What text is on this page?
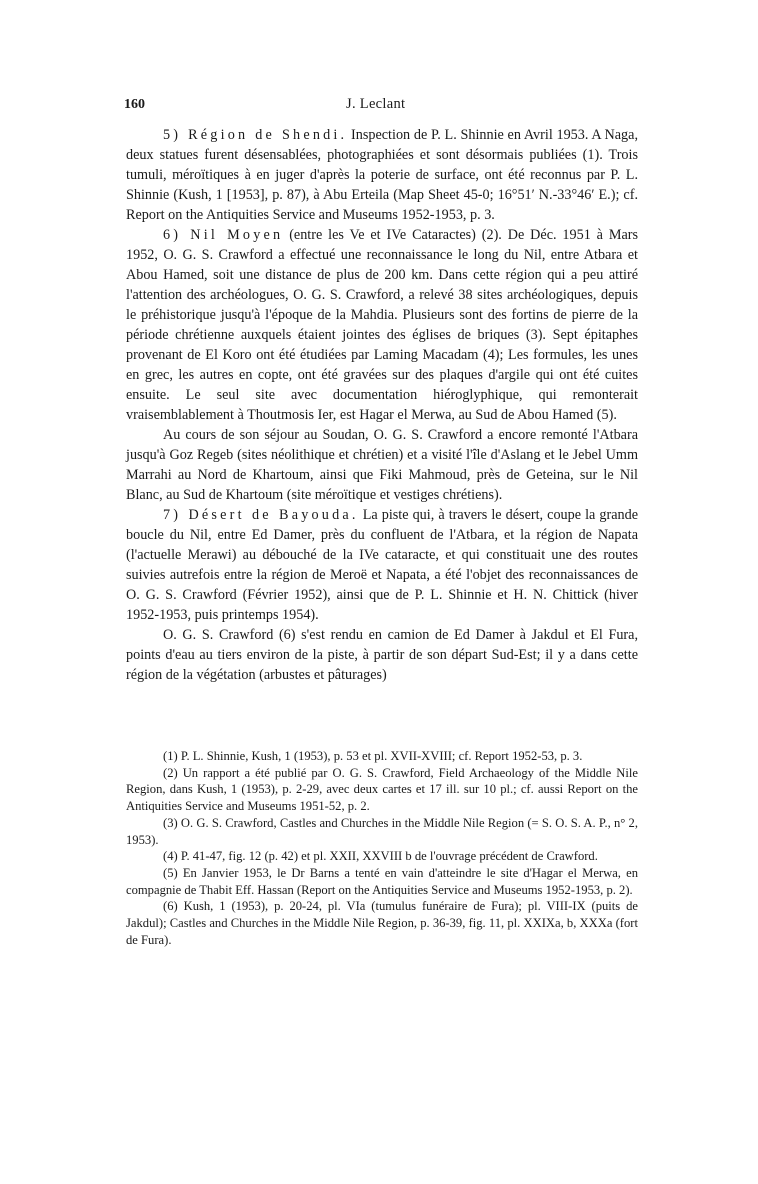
160	J. Leclant

5) Région de Shendi. Inspection de P. L. Shinnie en Avril 1953. A Naga, deux statues furent désensablées, photographiées et sont désormais publiées (1). Trois tumuli, méroïtiques à en juger d'après la poterie de surface, ont été reconnus par P. L. Shinnie (Kush, 1 [1953], p. 87), à Abu Erteila (Map Sheet 45-0; 16°51′ N.-33°46′ E.); cf. Report on the Antiquities Service and Museums 1952-1953, p. 3.

6) Nil Moyen (entre les Ve et IVe Cataractes) (2). De Déc. 1951 à Mars 1952, O. G. S. Crawford a effectué une reconnaissance le long du Nil, entre Atbara et Abou Hamed, soit une distance de plus de 200 km. Dans cette région qui a peu attiré l'attention des archéologues, O. G. S. Crawford, a relevé 38 sites archéologiques, depuis le préhistorique jusqu'à l'époque de la Mahdia. Plusieurs sont des fortins de pierre de la période chrétienne auxquels étaient jointes des églises de briques (3). Sept épitaphes provenant de El Koro ont été étudiées par Laming Macadam (4); Les formules, les unes en grec, les autres en copte, ont été gravées sur des plaques d'argile qui ont été cuites ensuite. Le seul site avec documentation hiéroglyphique, qui remonterait vraisemblablement à Thoutmosis Ier, est Hagar el Merwa, au Sud de Abou Hamed (5).

Au cours de son séjour au Soudan, O. G. S. Crawford a encore remonté l'Atbara jusqu'à Goz Regeb (sites néolithique et chrétien) et a visité l'île d'Aslang et le Jebel Umm Marrahi au Nord de Khartoum, ainsi que Fiki Mahmoud, près de Geteina, sur le Nil Blanc, au Sud de Khartoum (site méroïtique et vestiges chrétiens).

7) Désert de Bayouda. La piste qui, à travers le désert, coupe la grande boucle du Nil, entre Ed Damer, près du confluent de l'Atbara, et la région de Napata (l'actuelle Merawi) au débouché de la IVe cataracte, et qui constituait une des routes suivies autrefois entre la région de Meroë et Napata, a été l'objet des reconnaissances de O. G. S. Crawford (Février 1952), ainsi que de P. L. Shinnie et H. N. Chittick (hiver 1952-1953, puis printemps 1954).

O. G. S. Crawford (6) s'est rendu en camion de Ed Damer à Jakdul et El Fura, points d'eau au tiers environ de la piste, à partir de son départ Sud-Est; il y a dans cette région de la végétation (arbustes et pâturages)

(1) P. L. Shinnie, Kush, 1 (1953), p. 53 et pl. XVII-XVIII; cf. Report 1952-53, p. 3.

(2) Un rapport a été publié par O. G. S. Crawford, Field Archaeology of the Middle Nile Region, dans Kush, 1 (1953), p. 2-29, avec deux cartes et 17 ill. sur 10 pl.; cf. aussi Report on the Antiquities Service and Museums 1951-52, p. 2.

(3) O. G. S. Crawford, Castles and Churches in the Middle Nile Region (= S. O. S. A. P., n° 2, 1953).

(4) P. 41-47, fig. 12 (p. 42) et pl. XXII, XXVIII b de l'ouvrage précédent de Crawford.

(5) En Janvier 1953, le Dr Barns a tenté en vain d'atteindre le site d'Hagar el Merwa, en compagnie de Thabit Eff. Hassan (Report on the Antiquities Service and Museums 1952-1953, p. 2).

(6) Kush, 1 (1953), p. 20-24, pl. VIa (tumulus funéraire de Fura); pl. VIII-IX (puits de Jakdul); Castles and Churches in the Middle Nile Region, p. 36-39, fig. 11, pl. XXIXa, b, XXXa (fort de Fura).
